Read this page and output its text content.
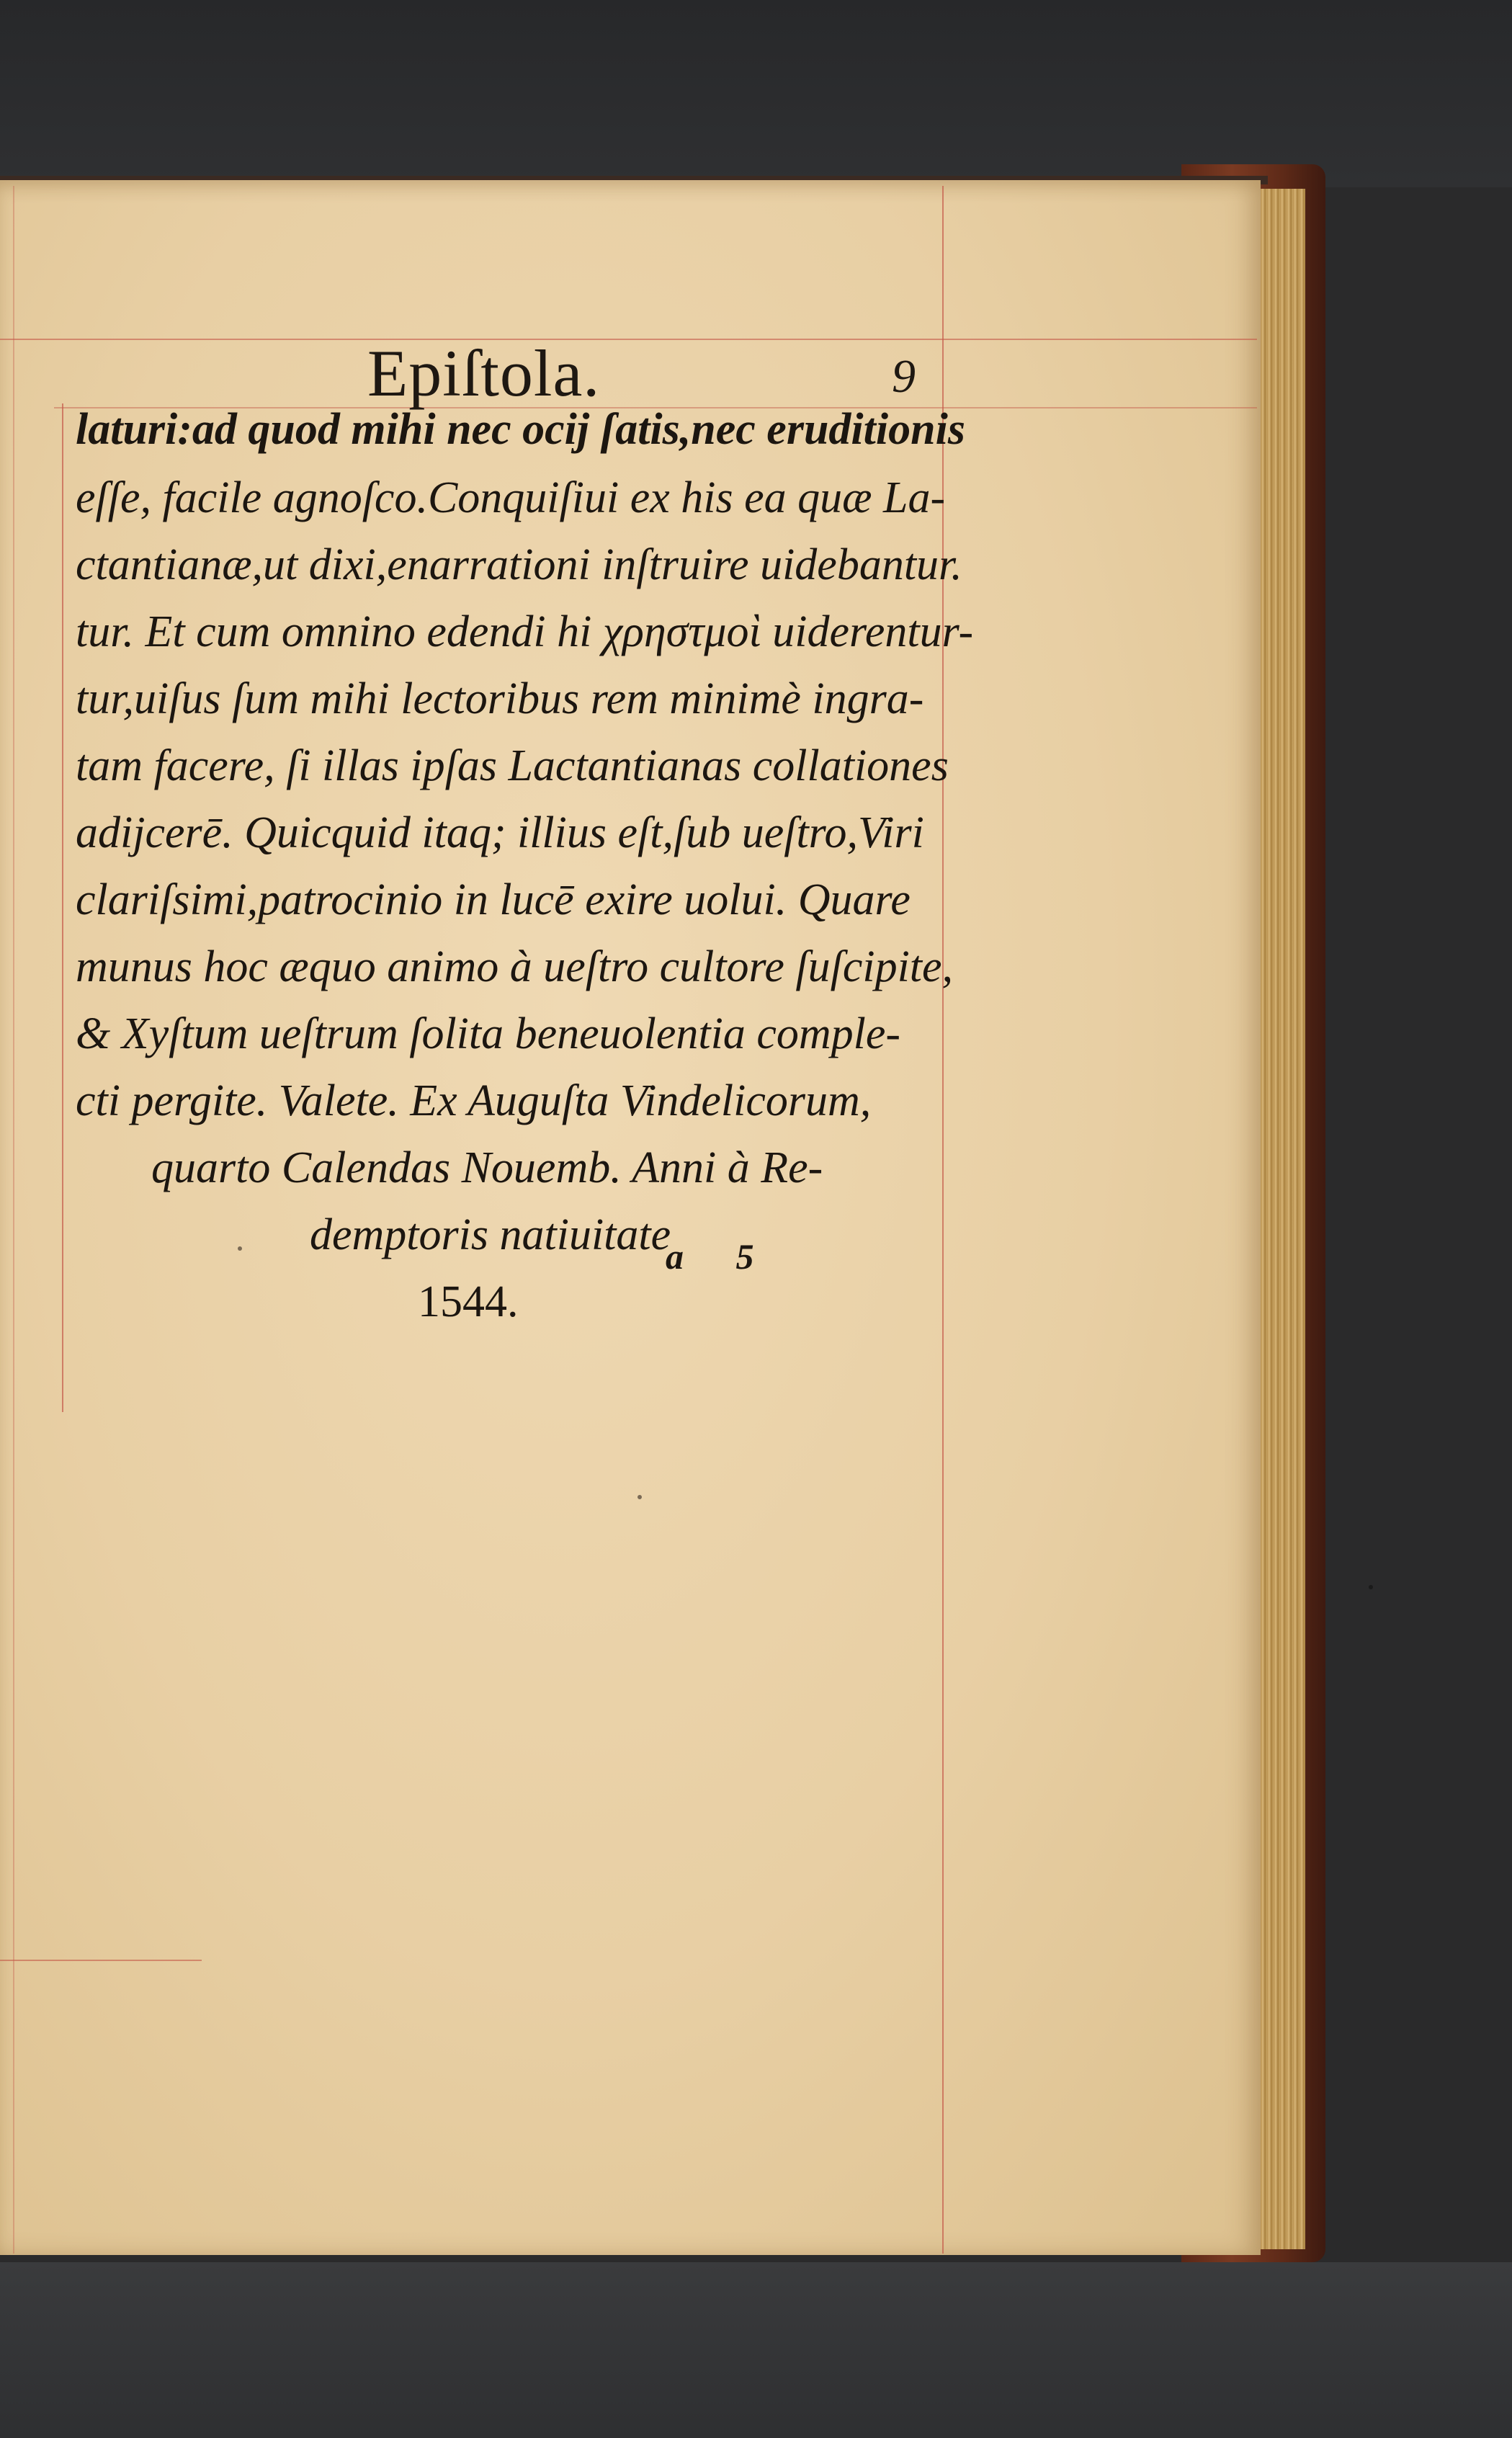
Epiſtola.	9
laturi:ad quod mihi nec ocij ſatis,nec eruditionis
eſſe, facile agnoſco.Conquiſiui ex his ea quæ La-
ctantianæ,ut dixi,enarrationi inſtruire uidebantur.
tur. Et cum omnino edendi hi χρηστμοὶ uiderentur-
tur,uiſus ſum mihi lectoribus rem minimè ingra-
tam facere, ſi illas ipſas Lactantianas collationes
adijcerē. Quicquid itaq; illius eſt,ſub ueſtro,Viri
clariſsimi,patrocinio in lucē exire uolui. Quare
munus hoc æquo animo à ueſtro cultore ſuſcipite,
& Xyſtum ueſtrum ſolita beneuolentia comple-
cti pergite. Valete. Ex Auguſta Vindelicorum,
quarto Calendas Nouemb. Anni à Re-
demptoris natiuitate
1544.
a 5
